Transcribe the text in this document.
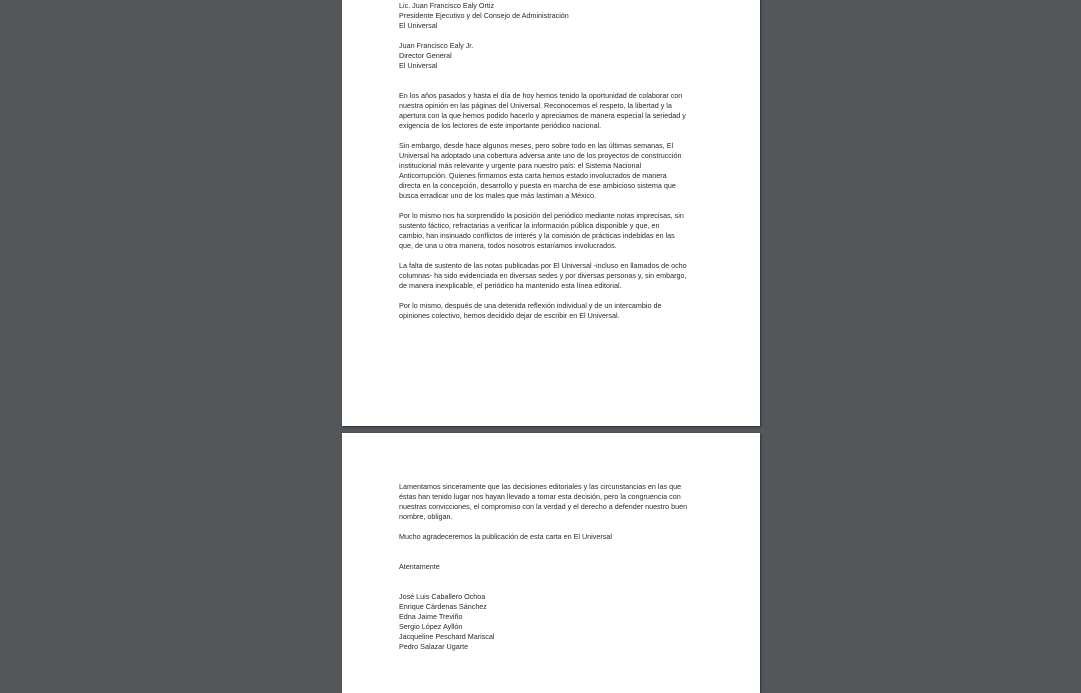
Lic. Juan Francisco Ealy Ortiz
Presidente Ejecutivo y del Consejo de Administración
El Universal
Juan Francisco Ealy Jr.
Director General
El Universal
En los años pasados y hasta el día de hoy hemos tenido la oportunidad de colaborar con
nuestra opinión en las páginas del Universal. Reconocemos el respeto, la libertad y la
apertura con la que hemos podido hacerlo y apreciamos de manera especial la seriedad y
exigencia de los lectores de este importante periódico nacional.
Sin embargo, desde hace algunos meses, pero sobre todo en las últimas semanas, El
Universal ha adoptado una cobertura adversa ante uno de los proyectos de construcción
institucional más relevante y urgente para nuestro país: el Sistema Nacional
Anticorrupción. Quienes firmamos esta carta hemos estado involucrados de manera
directa en la concepción, desarrollo y puesta en marcha de ese ambicioso sistema que
busca erradicar uno de los males que más lastiman a México.
Por lo mismo nos ha sorprendido la posición del periódico mediante notas imprecisas, sin
sustento fáctico, refractarias a verificar la información pública disponible y que, en
cambio, han insinuado conflictos de interés y la comisión de prácticas indebidas en las
que, de una u otra manera, todos nosotros estaríamos involucrados.
La falta de sustento de las notas publicadas por El Universal -incluso en llamados de ocho
columnas- ha sido evidenciada en diversas sedes y por diversas personas y, sin embargo,
de manera inexplicable, el periódico ha mantenido esta línea editorial.
Por lo mismo, después de una detenida reflexión individual y de un intercambio de
opiniones colectivo, hemos decidido dejar de escribir en El Universal.
Lamentamos sinceramente que las decisiones editoriales y las circunstancias en las que
éstas han tenido lugar nos hayan llevado a tomar esta decisión, pero la congruencia con
nuestras convicciones, el compromiso con la verdad y el derecho a defender nuestro buen
nombre, obligan.
Mucho agradeceremos la publicación de esta carta en El Universal
Atentamente
José Luis Caballero Ochoa
Enrique Cárdenas Sánchez
Edna Jaime Treviño
Sergio López Ayllón
Jacqueline Peschard Mariscal
Pedro Salazar Ugarte
